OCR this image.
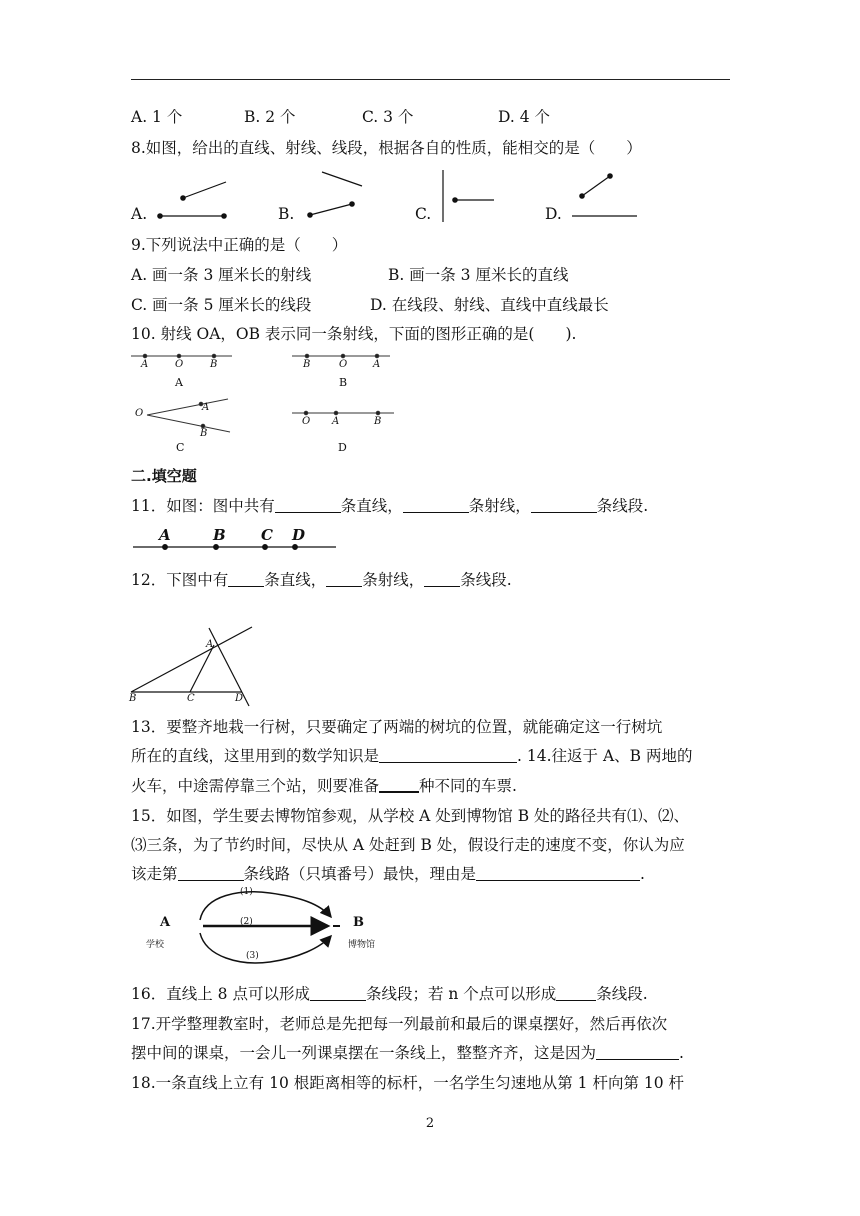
A. 1 个	B. 2 个	C. 3 个	D. 4 个
8.如图，给出的直线、射线、线段，根据各自的性质，能相交的是（　　）
A.	B.	C.	D.
9.下列说法中正确的是（　　）
A. 画一条 3 厘米长的射线	B. 画一条 3 厘米长的直线
C. 画一条 5 厘米长的线段	D. 在线段、射线、直线中直线最长
10. 射线 OA，OB 表示同一条射线，下面的图形正确的是(　　).
A	O	B
A
B	O	A
B
O
A
B
C
O A	B
D
二.填空题
11．如图：图中共有	条直线，	条射线，	条线段.
A	B C D
12．下图中有 条直线， 条射线， 条线段.
A
B	C	D
13．要整齐地栽一行树，只要确定了两端的树坑的位置，就能确定这一行树坑
所在的直线，这里用到的数学知识是	. 14.往返于 A、B 两地的
火车，中途需停靠三个站，则要准备	种不同的车票.
15．如图，学生要去博物馆参观，从学校 A 处到博物馆 B 处的路径共有⑴、⑵、
⑶三条，为了节约时间，尽快从 A 处赶到 B 处，假设行走的速度不变，你认为应
该走第	条线路（只填番号）最快，理由是	.
A
学校
B
博物馆
(1)
(2)
(3)
16．直线上 8 点可以形成	条线段；若 n 个点可以形成	条线段.
17.开学整理教室时，老师总是先把每一列最前和最后的课桌摆好，然后再依次
摆中间的课桌，一会儿一列课桌摆在一条线上，整整齐齐，这是因为	.
18.一条直线上立有 10 根距离相等的标杆，一名学生匀速地从第 1 杆向第 10 杆
2
